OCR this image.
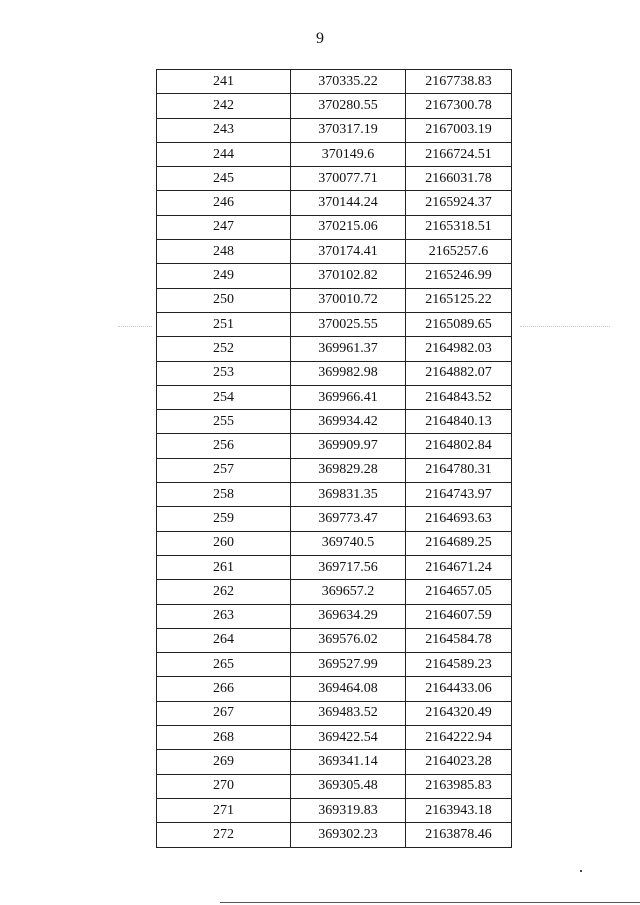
9
241	370335.22	2167738.83
242	370280.55	2167300.78
243	370317.19	2167003.19
244	370149.6	2166724.51
245	370077.71	2166031.78
246	370144.24	2165924.37
247	370215.06	2165318.51
248	370174.41	2165257.6
249	370102.82	2165246.99
250	370010.72	2165125.22
251	370025.55	2165089.65
252	369961.37	2164982.03
253	369982.98	2164882.07
254	369966.41	2164843.52
255	369934.42	2164840.13
256	369909.97	2164802.84
257	369829.28	2164780.31
258	369831.35	2164743.97
259	369773.47	2164693.63
260	369740.5	2164689.25
261	369717.56	2164671.24
262	369657.2	2164657.05
263	369634.29	2164607.59
264	369576.02	2164584.78
265	369527.99	2164589.23
266	369464.08	2164433.06
267	369483.52	2164320.49
268	369422.54	2164222.94
269	369341.14	2164023.28
270	369305.48	2163985.83
271	369319.83	2163943.18
272	369302.23	2163878.46
